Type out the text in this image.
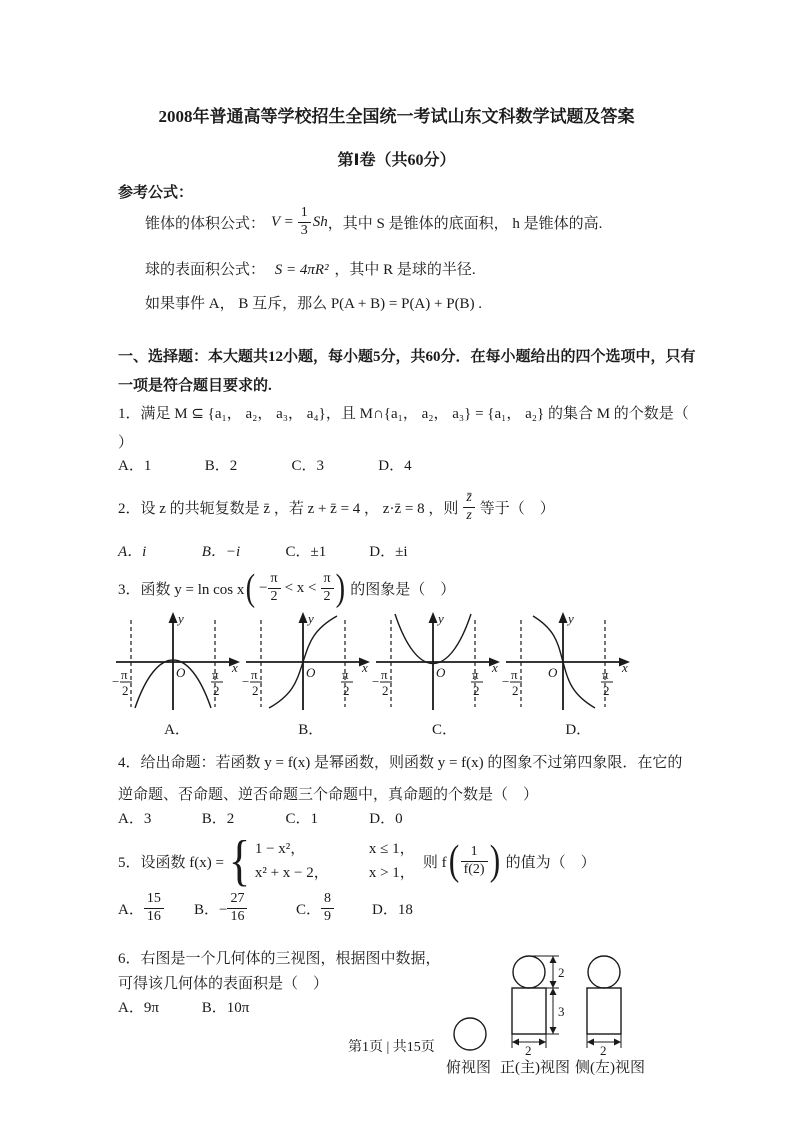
2008年普通高等学校招生全国统一考试山东文科数学试题及答案
第Ⅰ卷（共60分）
参考公式：
锥体的体积公式： $V = \frac{1}{3}$ Sh ，其中 S 是锥体的底面积， h 是锥体的高.
球的表面积公式： S = 4πR² ，其中 R 是球的半径.
如果事件 A， B 互斥，那么 P(A + B) = P(A) + P(B) .
一、选择题：本大题共12小题，每小题5分，共60分．在每小题给出的四个选项中，只有
一项是符合题目要求的.
1．满足 M ⊆ {a₁， a₂， a₃， a₄}，且 M∩{a₁， a₂， a₃} = {a₁， a₂} 的集合 M 的个数是（
）
A．1	B．2	C．3	D．4
2．设 z 的共轭复数是 z̄ ，若 z + z̄ = 4 ， z·z̄ = 8 ，则 $\frac{z̄}{z}$ 等于（　）
A．i	B．−i	C．±1	D．±i
3．函数 y = ln cos x ( − $\frac{\pi}{2} < x < \frac{\pi}{2}$ ) 的图象是（　）
y
x
O
− π
2
π
2
y
x
O
− π
2
π
2
y
x
O
− π
2
π
2
y
x
O
− π
2
π
2
A．	B．	C．	D．
4．给出命题：若函数 y = f(x) 是幂函数，则函数 y = f(x) 的图象不过第四象限．在它的
逆命题、否命题、逆否命题三个命题中，真命题的个数是（　）
A．3	B．2	C．1	D．0
5．设函数 f(x) = { 1 − x²，	x ≤ 1，
x² + x − 2，	x > 1，
则 f ( $\frac{1}{f(2)}$ ) 的值为（　）
A． $\frac{15}{16}$ B．− $\frac{27}{16}$	C． $\frac{8}{9}$	D．18
6．右图是一个几何体的三视图，根据图中数据，
可得该几何体的表面积是（　）
A．9π	B．10π
2
3
2	2
俯视图 正(主)视图 侧(左)视图
第1页 | 共15页
